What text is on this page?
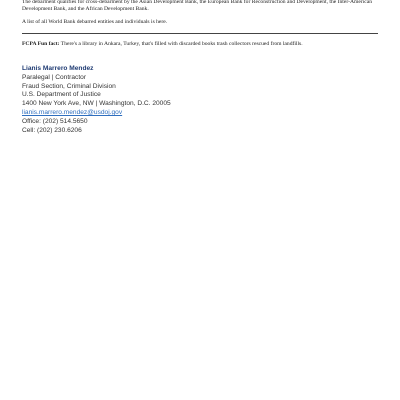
The debarment qualifies for cross-debarment by the Asian Development Bank, the European Bank for Reconstruction and Development, the Inter-American Development Bank, and the African Development Bank.

A list of all World Bank debarred entities and individuals is here.

FCPA Fun fact: There's a library in Ankara, Turkey, that's filled with discarded books trash collectors rescued from landfills.

Lianis Marrero Mendez
Paralegal | Contractor
Fraud Section, Criminal Division
U.S. Department of Justice
1400 New York Ave, NW | Washington, D.C. 20005
lianis.marrero.mendez@usdoj.gov
Office: (202) 514.5650
Cell: (202) 230.6206
